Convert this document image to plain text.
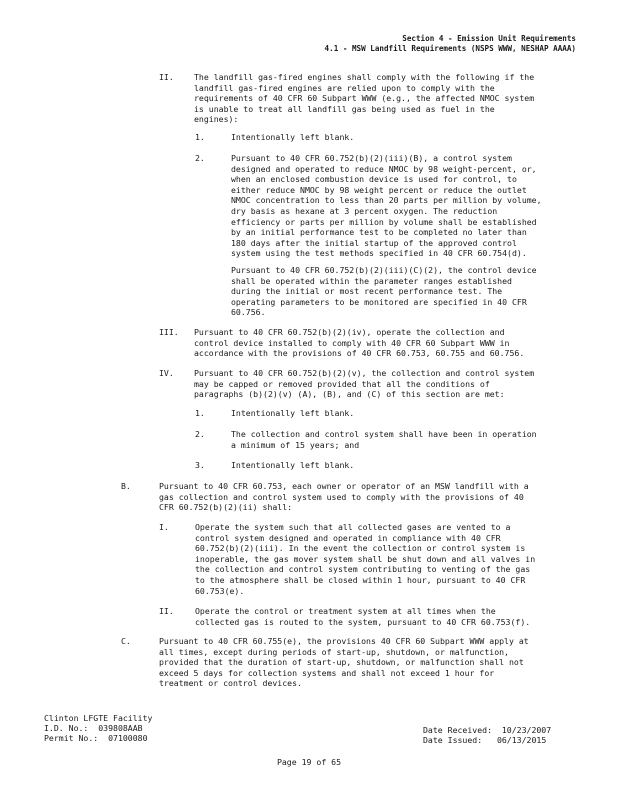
Section 4 - Emission Unit Requirements
4.1 - MSW Landfill Requirements (NSPS WWW, NESHAP AAAA)
II. The landfill gas-fired engines shall comply with the following if the
landfill gas-fired engines are relied upon to comply with the
requirements of 40 CFR 60 Subpart WWW (e.g., the affected NMOC system
is unable to treat all landfill gas being used as fuel in the
engines):
1.	Intentionally left blank.
2.	Pursuant to 40 CFR 60.752(b)(2)(iii)(B), a control system
designed and operated to reduce NMOC by 98 weight-percent, or,
when an enclosed combustion device is used for control, to
either reduce NMOC by 98 weight percent or reduce the outlet
NMOC concentration to less than 20 parts per million by volume,
dry basis as hexane at 3 percent oxygen. The reduction
efficiency or parts per million by volume shall be established
by an initial performance test to be completed no later than
180 days after the initial startup of the approved control
system using the test methods specified in 40 CFR 60.754(d).
Pursuant to 40 CFR 60.752(b)(2)(iii)(C)(2), the control device
shall be operated within the parameter ranges established
during the initial or most recent performance test. The
operating parameters to be monitored are specified in 40 CFR
60.756.
III. Pursuant to 40 CFR 60.752(b)(2)(iv), operate the collection and
control device installed to comply with 40 CFR 60 Subpart WWW in
accordance with the provisions of 40 CFR 60.753, 60.755 and 60.756.
IV. Pursuant to 40 CFR 60.752(b)(2)(v), the collection and control system
may be capped or removed provided that all the conditions of
paragraphs (b)(2)(v) (A), (B), and (C) of this section are met:
1.	Intentionally left blank.
2.	The collection and control system shall have been in operation
a minimum of 15 years; and
3.	Intentionally left blank.
B.	Pursuant to 40 CFR 60.753, each owner or operator of an MSW landfill with a
gas collection and control system used to comply with the provisions of 40
CFR 60.752(b)(2)(ii) shall:
I.	Operate the system such that all collected gases are vented to a
control system designed and operated in compliance with 40 CFR
60.752(b)(2)(iii). In the event the collection or control system is
inoperable, the gas mover system shall be shut down and all valves in
the collection and control system contributing to venting of the gas
to the atmosphere shall be closed within 1 hour, pursuant to 40 CFR
60.753(e).
II.	Operate the control or treatment system at all times when the
collected gas is routed to the system, pursuant to 40 CFR 60.753(f).
C.	Pursuant to 40 CFR 60.755(e), the provisions 40 CFR 60 Subpart WWW apply at
all times, except during periods of start-up, shutdown, or malfunction,
provided that the duration of start-up, shutdown, or malfunction shall not
exceed 5 days for collection systems and shall not exceed 1 hour for
treatment or control devices.
Clinton LFGTE Facility
I.D. No.: 039808AAB
Permit No.: 07100080
Date Received: 10/23/2007
Date Issued: 06/13/2015
Page 19 of 65
